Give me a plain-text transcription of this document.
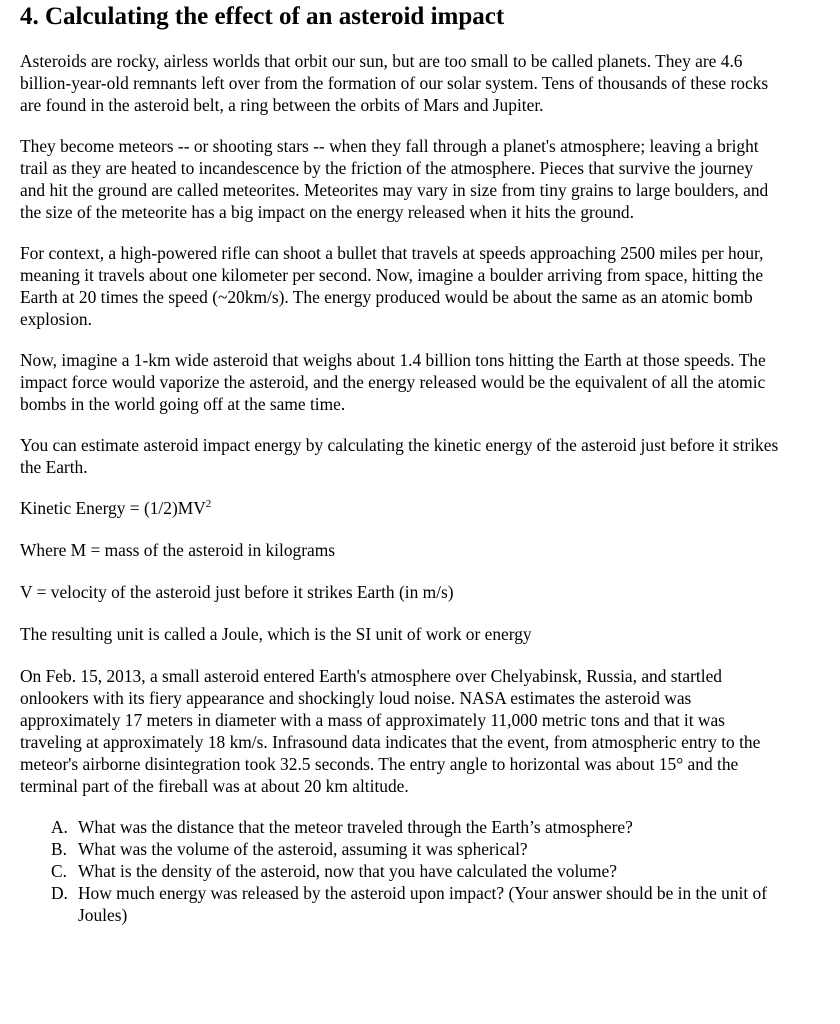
4. Calculating the effect of an asteroid impact

Asteroids are rocky, airless worlds that orbit our sun, but are too small to be called planets. They are 4.6 billion-year-old remnants left over from the formation of our solar system. Tens of thousands of these rocks are found in the asteroid belt, a ring between the orbits of Mars and Jupiter.

They become meteors -- or shooting stars -- when they fall through a planet's atmosphere; leaving a bright trail as they are heated to incandescence by the friction of the atmosphere. Pieces that survive the journey and hit the ground are called meteorites. Meteorites may vary in size from tiny grains to large boulders, and the size of the meteorite has a big impact on the energy released when it hits the ground.

For context, a high-powered rifle can shoot a bullet that travels at speeds approaching 2500 miles per hour, meaning it travels about one kilometer per second. Now, imagine a boulder arriving from space, hitting the Earth at 20 times the speed (~20km/s). The energy produced would be about the same as an atomic bomb explosion.

Now, imagine a 1-km wide asteroid that weighs about 1.4 billion tons hitting the Earth at those speeds. The impact force would vaporize the asteroid, and the energy released would be the equivalent of all the atomic bombs in the world going off at the same time.

You can estimate asteroid impact energy by calculating the kinetic energy of the asteroid just before it strikes the Earth.

Kinetic Energy = $(1/2)MV^2$

Where M = mass of the asteroid in kilograms

V = velocity of the asteroid just before it strikes Earth (in m/s)

The resulting unit is called a Joule, which is the SI unit of work or energy

On Feb. 15, 2013, a small asteroid entered Earth's atmosphere over Chelyabinsk, Russia, and startled onlookers with its fiery appearance and shockingly loud noise. NASA estimates the asteroid was approximately 17 meters in diameter with a mass of approximately 11,000 metric tons and that it was traveling at approximately 18 km/s. Infrasound data indicates that the event, from atmospheric entry to the meteor's airborne disintegration took 32.5 seconds. The entry angle to horizontal was about 15° and the terminal part of the fireball was at about 20 km altitude.

A. What was the distance that the meteor traveled through the Earth’s atmosphere?
B. What was the volume of the asteroid, assuming it was spherical?
C. What is the density of the asteroid, now that you have calculated the volume?
D. How much energy was released by the asteroid upon impact? (Your answer should be in the unit of Joules)
